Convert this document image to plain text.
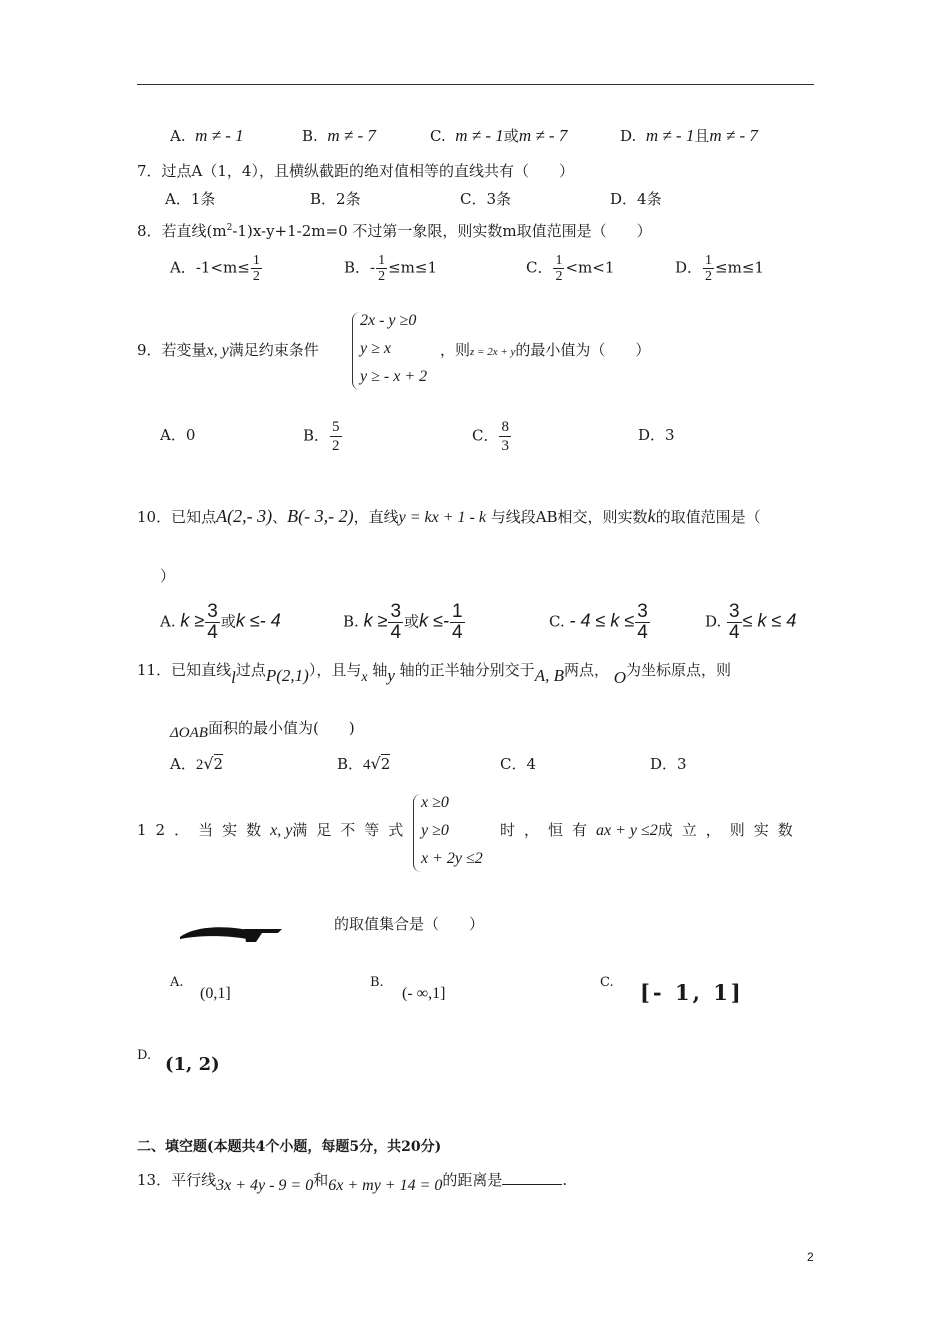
A. m ≠ - 1	B. m ≠ - 7	C. m ≠ - 1或m ≠ - 7	D. m ≠ - 1且m ≠ - 7
7．过点A（1，4），且横纵截距的绝对值相等的直线共有（　　）
A．1条	B．2条	C．3条	D．4条
8．若直线$(m^2-1)x-y+1-2m=0$ 不过第一象限，则实数m取值范围是（　　）
A．$-1<m\le \frac{1}{2}$	B．- $\frac{1}{2} \le m\le 1$	C． $\frac{1}{2} <m<1$	D． $\frac{1}{2} \le m\le 1$
9．若变量x, y满足约束条件
2x - y ≥0
y ≥ x
y ≥ - x + 2
，则z = 2x + y的最小值为（　　）
A．0	B． $\frac{5}{2}$	C． $\frac{8}{3}$	D．3
10．已知点A(2,- 3)、B(- 3,- 2)，直线y = kx + 1 - k 与线段AB相交，则实数k的取值范围是（
）
A. $k \ge \frac{3}{4}$ 或k ≤- 4	B. $k \ge \frac{3}{4}$ 或$k \le- \frac{1}{4}$	C. - $4 \le k \le \frac{3}{4}$	D. $\frac{3}{4} \le k \le 4$
11．已知直线l过点P(2,1)），且与x 轴y 轴的正半轴分别交于A, B两点， O为坐标原点，则
ΔOAB面积的最小值为(　　)
A．2√2	B．4√2	C．4	D．3
12．当实数x, y满足不等式
x ≥0
y ≥0
x + 2y ≤2
时，恒有ax + y ≤2成立，则实数
的取值集合是（　　）
A.
(0,1]
B.
(- ∞,1]
C. [- 1, 1]
D. (1, 2)
二、填空题(本题共4个小题，每题5分，共20分)
13．平行线3x + 4y - 9 = 0和6x + my + 14 = 0的距离是	.
2
